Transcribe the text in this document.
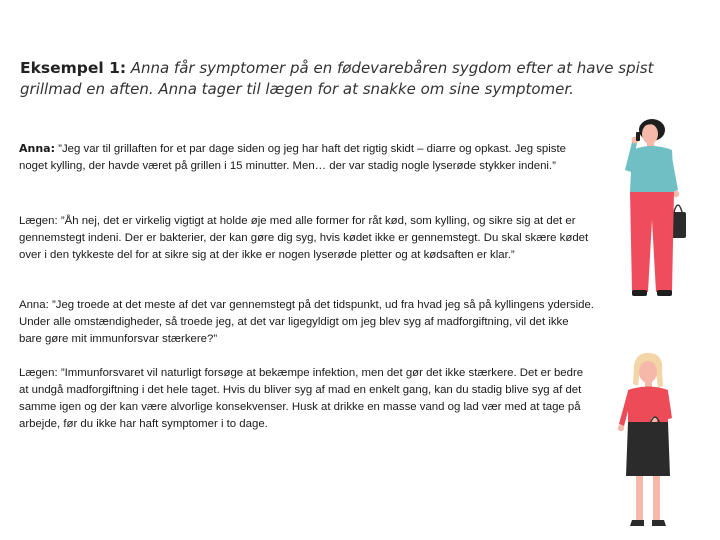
Eksempel 1: Anna får symptomer på en fødevarebåren sygdom efter at have spist grillmad en aften. Anna tager til lægen for at snakke om sine symptomer.
Anna: ”Jeg var til grillaften for et par dage siden og jeg har haft det rigtig skidt – diarre og opkast. Jeg spiste noget kylling, der havde været på grillen i 15 minutter. Men… der var stadig nogle lyserøde stykker indeni.”
Lægen: ”Åh nej, det er virkelig vigtigt at holde øje med alle former for råt kød, som kylling, og sikre sig at det er gennemstegt indeni. Der er bakterier, der kan gøre dig syg, hvis kødet ikke er gennemstegt. Du skal skære kødet over i den tykkeste del for at sikre sig at der ikke er nogen lyserøde pletter og at kødsaften er klar.”
Anna: ”Jeg troede at det meste af det var gennemstegt på det tidspunkt, ud fra hvad jeg så på kyllingens yderside. Under alle omstændigheder, så troede jeg, at det var ligegyldigt om jeg blev syg af madforgiftning, vil det ikke bare gøre mit immunforsvar stærkere?”
Lægen: ”Immunforsvaret vil naturligt forsøge at bekæmpe infektion, men det gør det ikke stærkere. Det er bedre at undgå madforgiftning i det hele taget. Hvis du bliver syg af mad en enkelt gang, kan du stadig blive syg af det samme igen og der kan være alvorlige konsekvenser. Husk at drikke en masse vand og lad vær med at tage på arbejde, før du ikke har haft symptomer i to dage.
